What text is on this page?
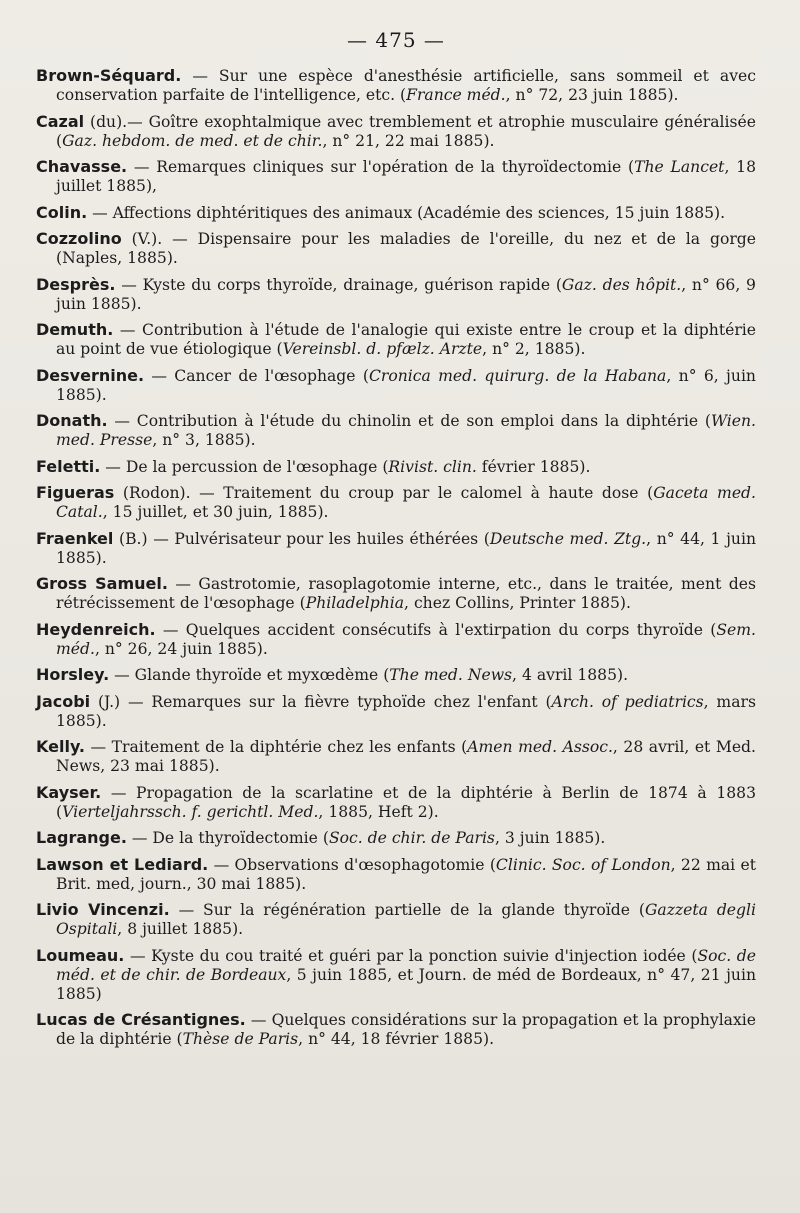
— 475 —

Brown-Séquard. — Sur une espèce d'anesthésie artificielle, sans sommeil et avec conservation parfaite de l'intelligence, etc. (France méd., n° 72, 23 juin 1885).

Cazal (du).— Goître exophtalmique avec tremblement et atrophie musculaire généralisée (Gaz. hebdom. de med. et de chir., n° 21, 22 mai 1885).

Chavasse. — Remarques cliniques sur l'opération de la thyroïdectomie (The Lancet, 18 juillet 1885),

Colin. — Affections diphtéritiques des animaux (Académie des sciences, 15 juin 1885).

Cozzolino (V.). — Dispensaire pour les maladies de l'oreille, du nez et de la gorge (Naples, 1885).

Desprès. — Kyste du corps thyroïde, drainage, guérison rapide (Gaz. des hôpit., n° 66, 9 juin 1885).

Demuth. — Contribution à l'étude de l'analogie qui existe entre le croup et la diphtérie au point de vue étiologique (Vereinsbl. d. pfælz. Arzte, n° 2, 1885).

Desvernine. — Cancer de l'œsophage (Cronica med. quirurg. de la Habana, n° 6, juin 1885).

Donath. — Contribution à l'étude du chinolin et de son emploi dans la diphtérie (Wien. med. Presse, n° 3, 1885).

Feletti. — De la percussion de l'œsophage (Rivist. clin. février 1885).

Figueras (Rodon). — Traitement du croup par le calomel à haute dose (Gaceta med. Catal., 15 juillet, et 30 juin, 1885).

Fraenkel (B.) — Pulvérisateur pour les huiles éthérées (Deutsche med. Ztg., n° 44, 1 juin 1885).

Gross Samuel. — Gastrotomie, rasoplagotomie interne, etc., dans le traitée, ment des rétrécissement de l'œsophage (Philadelphia, chez Collins, Printer 1885).

Heydenreich. — Quelques accident consécutifs à l'extirpation du corps thyroïde (Sem. méd., n° 26, 24 juin 1885).

Horsley. — Glande thyroïde et myxœdème (The med. News, 4 avril 1885).

Jacobi (J.) — Remarques sur la fièvre typhoïde chez l'enfant (Arch. of pediatrics, mars 1885).

Kelly. — Traitement de la diphtérie chez les enfants (Amen med. Assoc., 28 avril, et Med. News, 23 mai 1885).

Kayser. — Propagation de la scarlatine et de la diphtérie à Berlin de 1874 à 1883 (Vierteljahrssch. f. gerichtl. Med., 1885, Heft 2).

Lagrange. — De la thyroïdectomie (Soc. de chir. de Paris, 3 juin 1885).

Lawson et Lediard. — Observations d'œsophagotomie (Clinic. Soc. of London, 22 mai et Brit. med, journ., 30 mai 1885).

Livio Vincenzi. — Sur la régénération partielle de la glande thyroïde (Gazzeta degli Ospitali, 8 juillet 1885).

Loumeau. — Kyste du cou traité et guéri par la ponction suivie d'injection iodée (Soc. de méd. et de chir. de Bordeaux, 5 juin 1885, et Journ. de méd de Bordeaux, n° 47, 21 juin 1885)

Lucas de Crésantignes. — Quelques considérations sur la propagation et la prophylaxie de la diphtérie (Thèse de Paris, n° 44, 18 février 1885).
